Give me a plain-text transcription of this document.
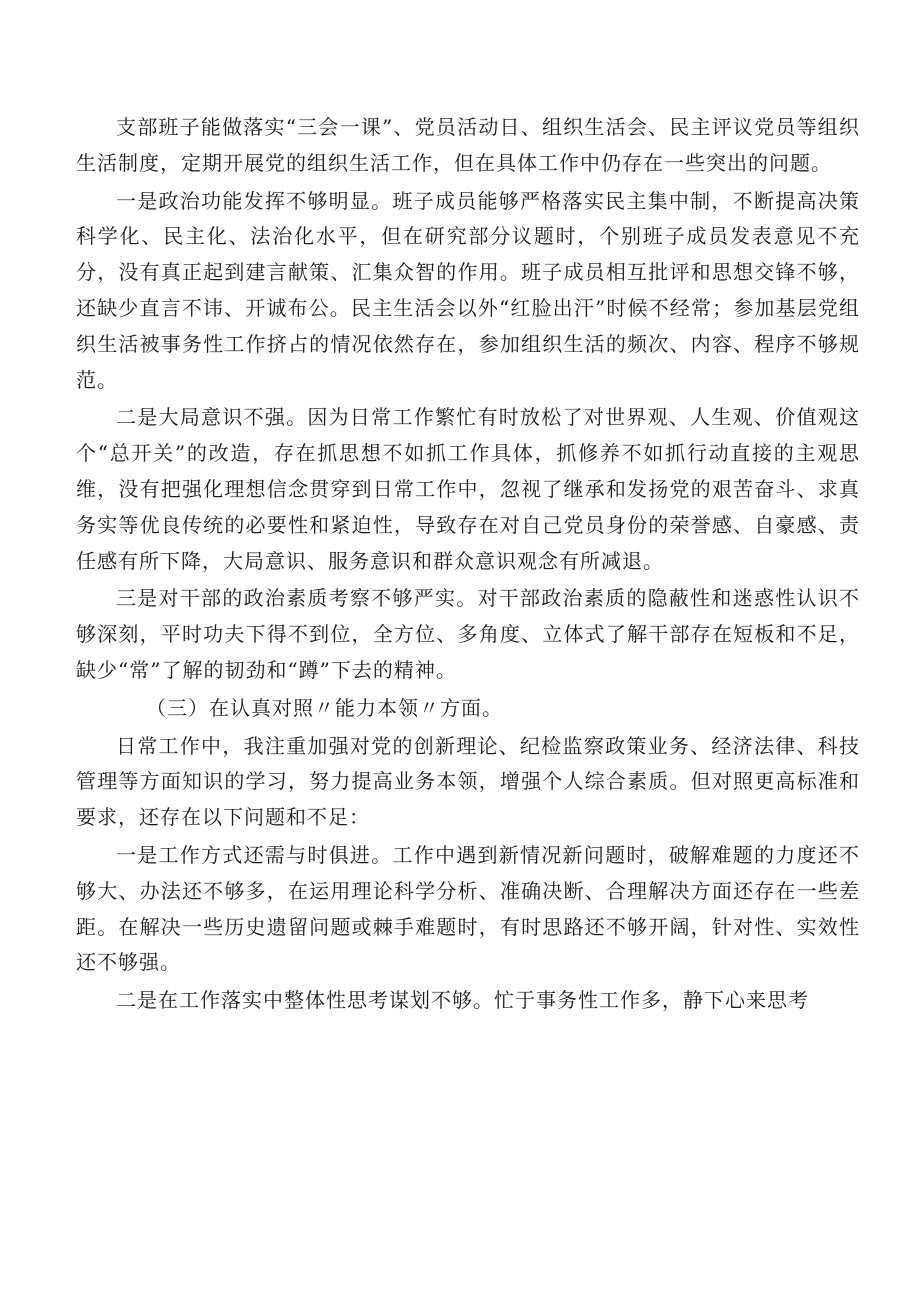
支部班子能做落实“三会一课”、党员活动日、组织生活会、民主评议党员等组织生活制度，定期开展党的组织生活工作，但在具体工作中仍存在一些突出的问题。

一是政治功能发挥不够明显。班子成员能够严格落实民主集中制，不断提高决策科学化、民主化、法治化水平，但在研究部分议题时，个别班子成员发表意见不充分，没有真正起到建言献策、汇集众智的作用。班子成员相互批评和思想交锋不够，还缺少直言不讳、开诚布公。民主生活会以外“红脸出汗”时候不经常；参加基层党组织生活被事务性工作挤占的情况依然存在，参加组织生活的频次、内容、程序不够规范。

二是大局意识不强。因为日常工作繁忙有时放松了对世界观、人生观、价值观这个“总开关”的改造，存在抓思想不如抓工作具体，抓修养不如抓行动直接的主观思维，没有把强化理想信念贯穿到日常工作中，忽视了继承和发扬党的艰苦奋斗、求真务实等优良传统的必要性和紧迫性，导致存在对自己党员身份的荣誉感、自豪感、责任感有所下降，大局意识、服务意识和群众意识观念有所减退。

三是对干部的政治素质考察不够严实。对干部政治素质的隐蔽性和迷惑性认识不够深刻，平时功夫下得不到位，全方位、多角度、立体式了解干部存在短板和不足，缺少“常”了解的韧劲和“蹲”下去的精神。

（三）在认真对照〃能力本领〃方面。

日常工作中，我注重加强对党的创新理论、纪检监察政策业务、经济法律、科技管理等方面知识的学习，努力提高业务本领，增强个人综合素质。但对照更高标准和要求，还存在以下问题和不足：

一是工作方式还需与时俱进。工作中遇到新情况新问题时，破解难题的力度还不够大、办法还不够多，在运用理论科学分析、准确决断、合理解决方面还存在一些差距。在解决一些历史遗留问题或棘手难题时，有时思路还不够开阔，针对性、实效性还不够强。

二是在工作落实中整体性思考谋划不够。忙于事务性工作多，静下心来思考
